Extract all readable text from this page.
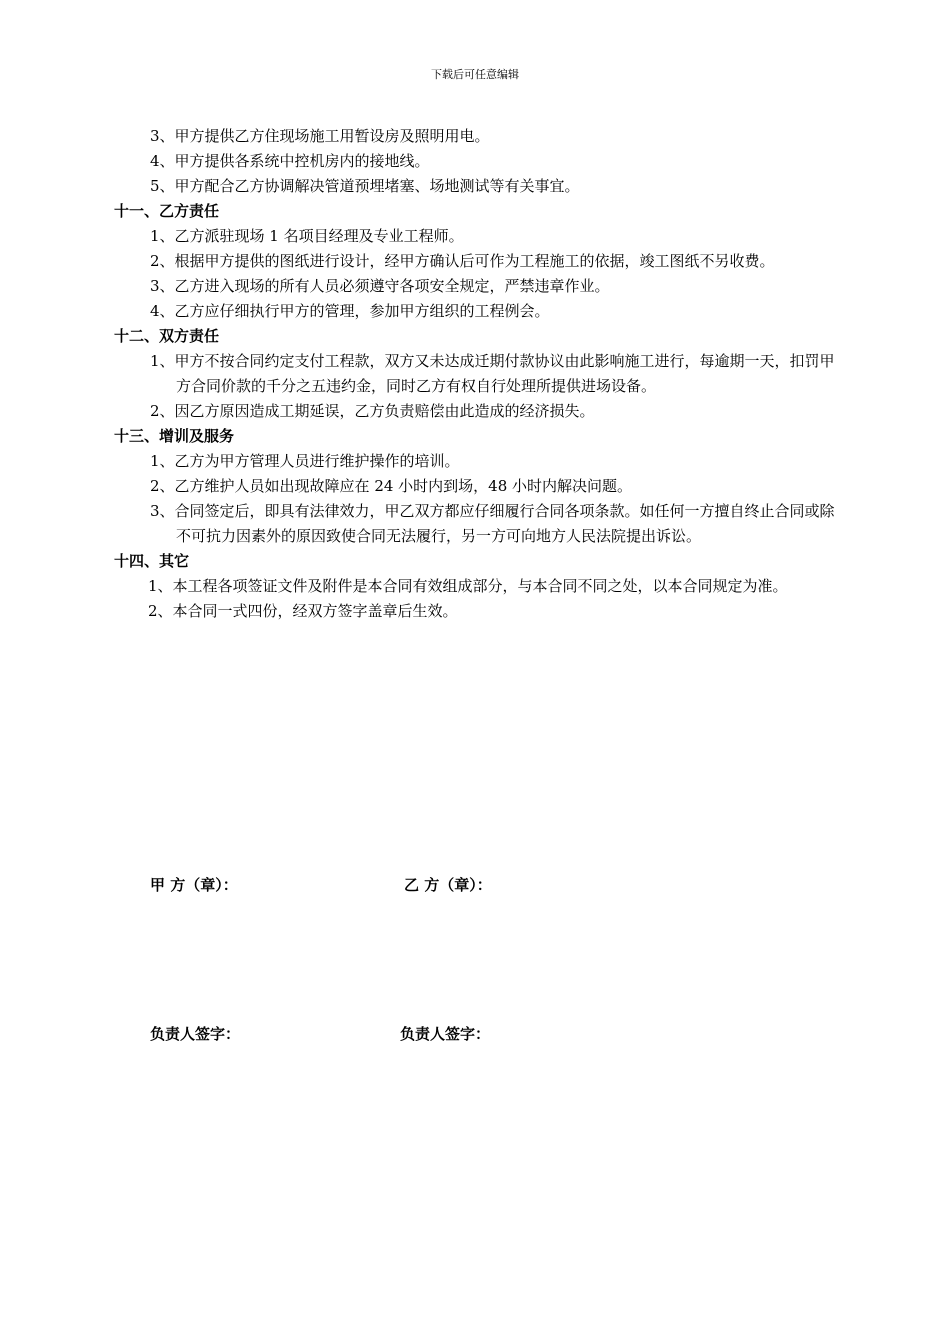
下载后可任意编辑

3、甲方提供乙方住现场施工用暂设房及照明用电。

4、甲方提供各系统中控机房内的接地线。

5、甲方配合乙方协调解决管道预埋堵塞、场地测试等有关事宜。

十一、乙方责任

1、乙方派驻现场 1 名项目经理及专业工程师。

2、根据甲方提供的图纸进行设计，经甲方确认后可作为工程施工的依据，竣工图纸不另收费。

3、乙方进入现场的所有人员必须遵守各项安全规定，严禁违章作业。

4、乙方应仔细执行甲方的管理，参加甲方组织的工程例会。

十二、双方责任

1、甲方不按合同约定支付工程款，双方又未达成迁期付款协议由此影响施工进行，每逾期一天，扣罚甲方合同价款的千分之五违约金，同时乙方有权自行处理所提供进场设备。

2、因乙方原因造成工期延误，乙方负责赔偿由此造成的经济损失。

十三、增训及服务

1、乙方为甲方管理人员进行维护操作的培训。

2、乙方维护人员如出现故障应在 24 小时内到场，48 小时内解决问题。

3、合同签定后，即具有法律效力，甲乙双方都应仔细履行合同各项条款。如任何一方擅自终止合同或除不可抗力因素外的原因致使合同无法履行，另一方可向地方人民法院提出诉讼。

十四、其它

1、本工程各项签证文件及附件是本合同有效组成部分，与本合同不同之处，以本合同规定为准。

2、本合同一式四份，经双方签字盖章后生效。

甲 方（章）：	乙 方（章）：
负责人签字：	负责人签字：
